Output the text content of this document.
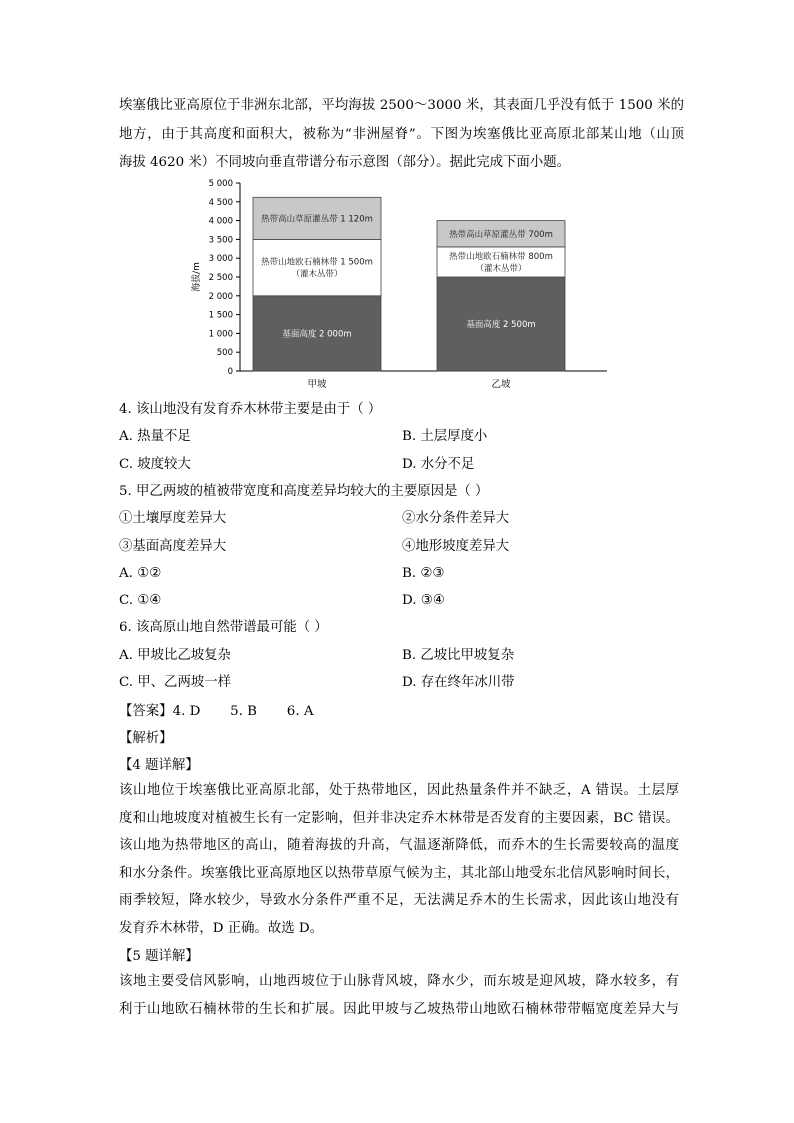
埃塞俄比亚高原位于非洲东北部，平均海拔 2500～3000 米，其表面几乎没有低于 1500 米的
地方，由于其高度和面积大，被称为“非洲屋脊”。下图为埃塞俄比亚高原北部某山地（山顶
海拔 4620 米）不同坡向垂直带谱分布示意图（部分）。据此完成下面小题。
0
500
1 000
1 500
2 000
2 500
3 000
3 500
4 000
4 500
5 000
海拔/m
基面高度 2 000m
热带山地欧石楠林带 1 500m
（灌木丛带）
热带高山草原灌丛带 1 120m
甲坡
基面高度 2 500m
热带山地欧石楠林带 800m
（灌木丛带）
热带高山草原灌丛带 700m
乙坡
4. 该山地没有发育乔木林带主要是由于（ ）
A. 热量不足	B. 土层厚度小
C. 坡度较大	D. 水分不足
5. 甲乙两坡的植被带宽度和高度差异均较大的主要原因是（ ）
①土壤厚度差异大	②水分条件差异大
③基面高度差异大	④地形坡度差异大
A. ①②	B. ②③
C. ①④	D. ③④
6. 该高原山地自然带谱最可能（ ）
A. 甲坡比乙坡复杂	B. 乙坡比甲坡复杂
C. 甲、乙两坡一样	D. 存在终年冰川带
【答案】4. D       5. B       6. A
【解析】
【4 题详解】
该山地位于埃塞俄比亚高原北部，处于热带地区，因此热量条件并不缺乏，A 错误。土层厚
度和山地坡度对植被生长有一定影响，但并非决定乔木林带是否发育的主要因素，BC 错误。
该山地为热带地区的高山，随着海拔的升高，气温逐渐降低，而乔木的生长需要较高的温度
和水分条件。埃塞俄比亚高原地区以热带草原气候为主，其北部山地受东北信风影响时间长，
雨季较短，降水较少，导致水分条件严重不足，无法满足乔木的生长需求，因此该山地没有
发育乔木林带，D 正确。故选 D。
【5 题详解】
该地主要受信风影响，山地西坡位于山脉背风坡，降水少，而东坡是迎风坡，降水较多，有
利于山地欧石楠林带的生长和扩展。因此甲坡与乙坡热带山地欧石楠林带带幅宽度差异大与
